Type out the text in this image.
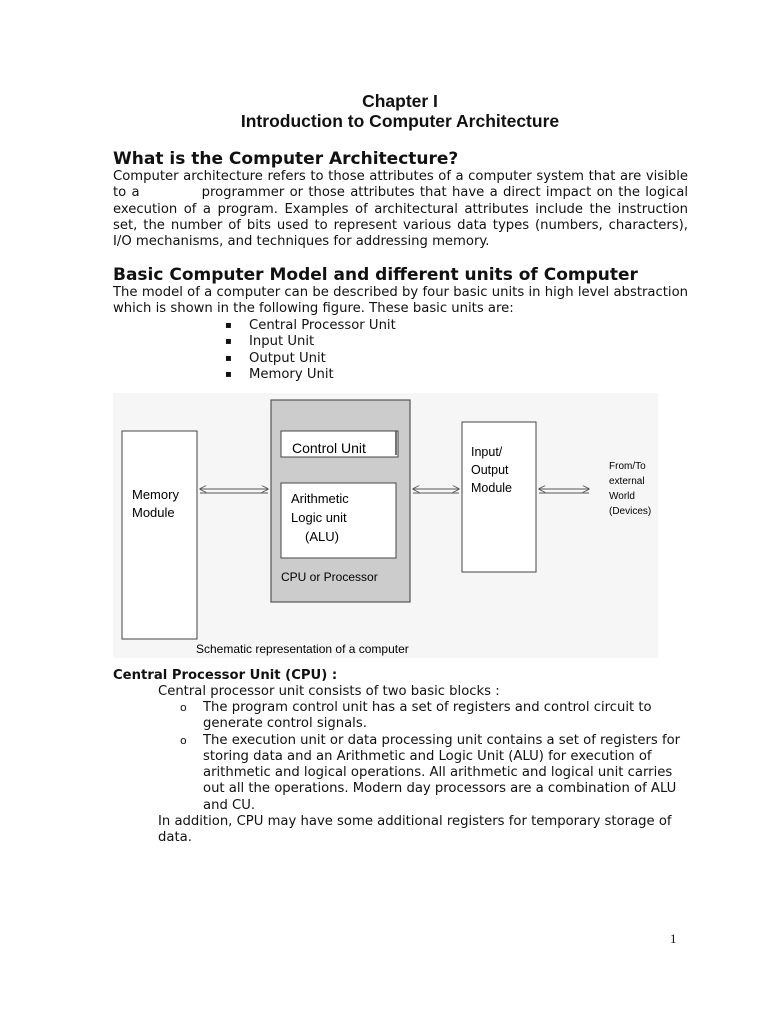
Chapter I
Introduction to Computer Architecture
What is the Computer Architecture?
Computer architecture refers to those attributes of a computer system that are visible to a	programmer or those attributes that have a direct impact on the logical execution of a program. Examples of architectural attributes include the instruction set, the number of bits used to represent various data types (numbers, characters), I/O mechanisms, and techniques for addressing memory.
Basic Computer Model and different units of Computer
The model of a computer can be described by four basic units in high level abstraction which is shown in the following figure. These basic units are:
▪ Central Processor Unit
▪ Input Unit
▪ Output Unit
▪ Memory Unit
Memory
Module
Control Unit
Arithmetic
Logic unit
(ALU)
CPU or Processor
Input/
Output
Module
From/To
external
World
(Devices)
Schematic representation of a computer
Central Processor Unit (CPU) :
Central processor unit consists of two basic blocks :
o The program control unit has a set of registers and control circuit to generate control signals.
o The execution unit or data processing unit contains a set of registers for storing data and an Arithmetic and Logic Unit (ALU) for execution of arithmetic and logical operations. All arithmetic and logical unit carries out all the operations. Modern day processors are a combination of ALU and CU.
In addition, CPU may have some additional registers for temporary storage of data.
1
